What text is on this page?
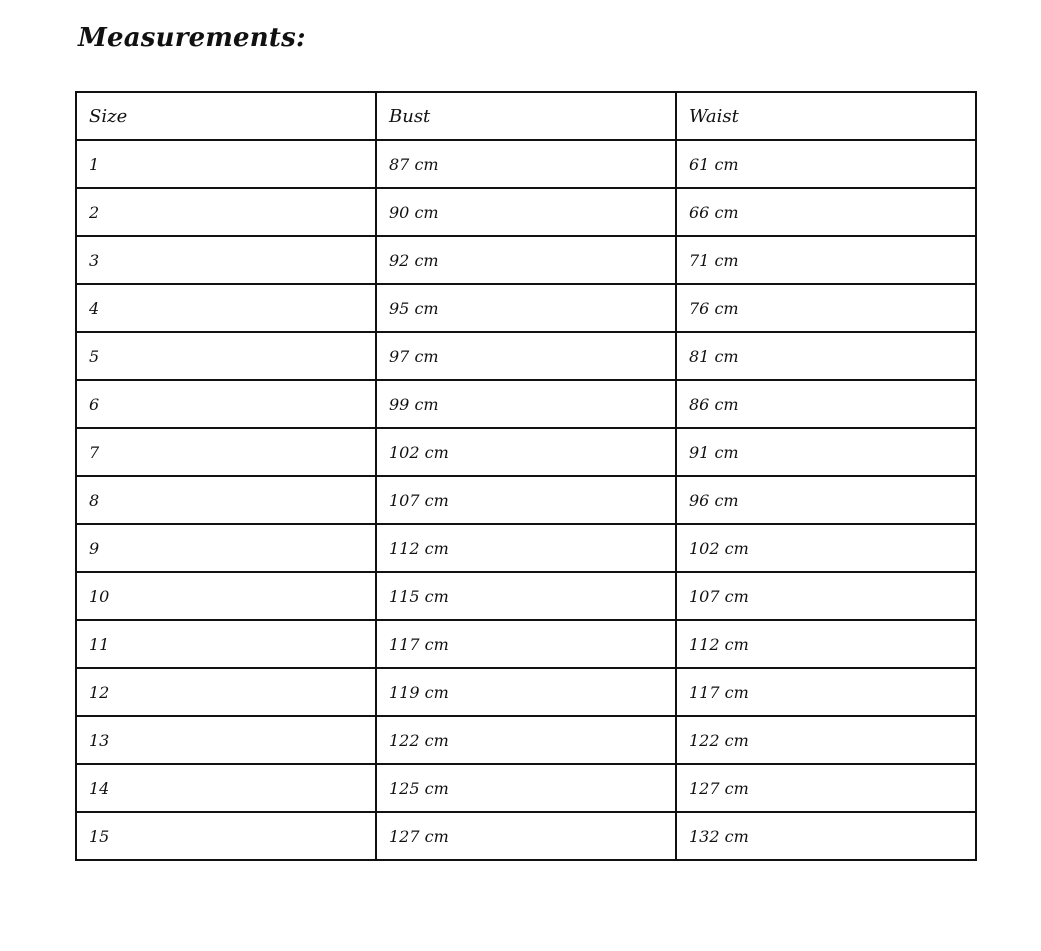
Measurements:
Size	Bust	Waist
1	87 cm	61 cm
2	90 cm	66 cm
3	92 cm	71 cm
4	95 cm	76 cm
5	97 cm	81 cm
6	99 cm	86 cm
7	102 cm	91 cm
8	107 cm	96 cm
9	112 cm	102 cm
10	115 cm	107 cm
11	117 cm	112 cm
12	119 cm	117 cm
13	122 cm	122 cm
14	125 cm	127 cm
15	127 cm	132 cm
